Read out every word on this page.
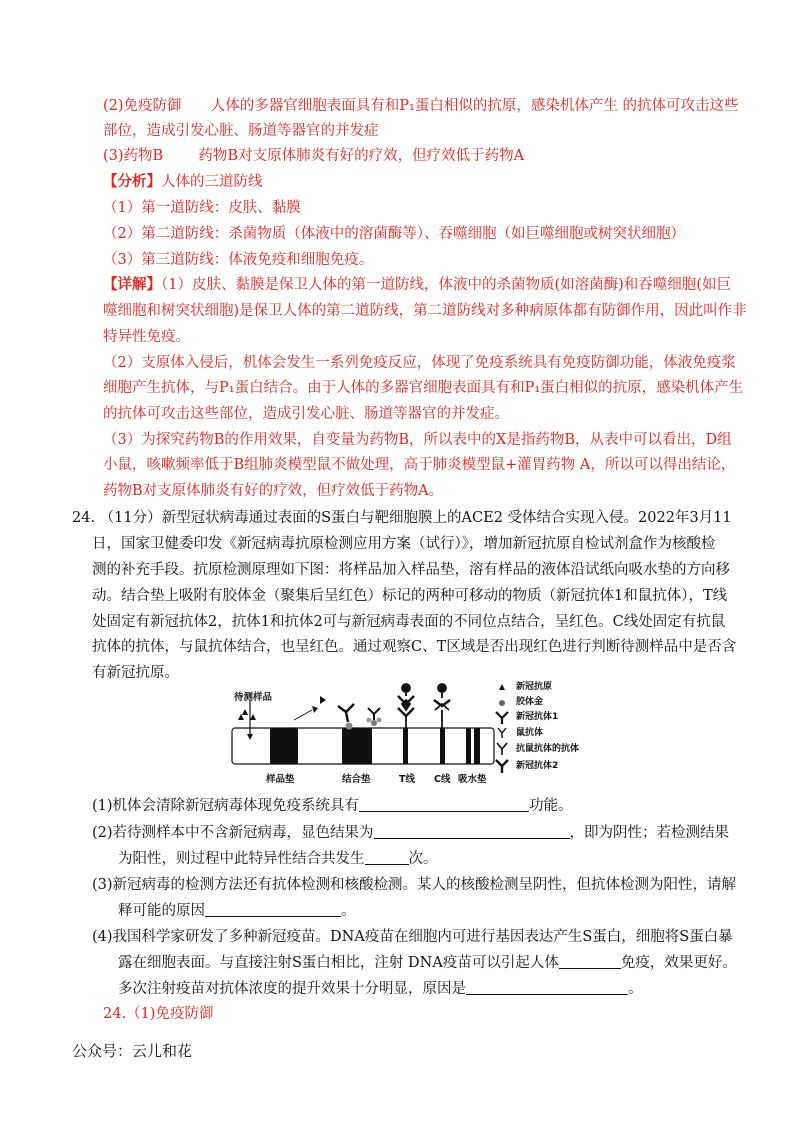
(2)免疫防御 人体的多器官细胞表面具有和P₁蛋白相似的抗原，感染机体产生 的抗体可攻击这些
部位，造成引发心脏、肠道等器官的并发症
(3)药物B 药物B对支原体肺炎有好的疗效，但疗效低于药物A
【分析】人体的三道防线
（1）第一道防线：皮肤、黏膜
（2）第二道防线：杀菌物质（体液中的溶菌酶等）、吞噬细胞（如巨噬细胞或树突状细胞）
（3）第三道防线：体液免疫和细胞免疫。
【详解】（1）皮肤、黏膜是保卫人体的第一道防线，体液中的杀菌物质(如溶菌酶)和吞噬细胞(如巨
噬细胞和树突状细胞)是保卫人体的第二道防线，第二道防线对多种病原体都有防御作用，因此叫作非
特异性免疫。
（2）支原体入侵后，机体会发生一系列免疫反应，体现了免疫系统具有免疫防御功能，体液免疫浆
细胞产生抗体，与P₁蛋白结合。由于人体的多器官细胞表面具有和P₁蛋白相似的抗原，感染机体产生
的抗体可攻击这些部位，造成引发心脏、肠道等器官的并发症。
（3）为探究药物B的作用效果，自变量为药物B，所以表中的X是指药物B，从表中可以看出，D组
小鼠，咳嗽频率低于B组肺炎模型鼠不做处理，高于肺炎模型鼠+灌胃药物 A，所以可以得出结论，
药物B对支原体肺炎有好的疗效，但疗效低于药物A。
24. （11分）新型冠状病毒通过表面的S蛋白与靶细胞膜上的ACE2 受体结合实现入侵。2022年3月11
日，国家卫健委印发《新冠病毒抗原检测应用方案（试行）》，增加新冠抗原自检试剂盒作为核酸检
测的补充手段。抗原检测原理如下图：将样品加入样品垫，溶有样品的液体沿试纸向吸水垫的方向移
动。结合垫上吸附有胶体金（聚集后呈红色）标记的两种可移动的物质（新冠抗体1和鼠抗体），T线
处固定有新冠抗体2，抗体1和抗体2可与新冠病毒表面的不同位点结合，呈红色。C线处固定有抗鼠
抗体的抗体，与鼠抗体结合，也呈红色。通过观察C、T区域是否出现红色进行判断待测样品中是否含
有新冠抗原。
待测样品
样品垫	结合垫	T线 C线 吸水垫
新冠抗原
胶体金
新冠抗体1
鼠抗体
抗鼠抗体的抗体
新冠抗体2
(1)机体会清除新冠病毒体现免疫系统具有	功能。
(2)若待测样本中不含新冠病毒，显色结果为	，即为阴性；若检测结果
为阳性，则过程中此特异性结合共发生	次。
(3)新冠病毒的检测方法还有抗体检测和核酸检测。某人的核酸检测呈阴性，但抗体检测为阳性，请解
释可能的原因	。
(4)我国科学家研发了多种新冠疫苗。DNA疫苗在细胞内可进行基因表达产生S蛋白，细胞将S蛋白暴
露在细胞表面。与直接注射S蛋白相比，注射 DNA疫苗可以引起人体	免疫，效果更好。
多次注射疫苗对抗体浓度的提升效果十分明显，原因是	。
24.（1)免疫防御
公众号：云儿和花
